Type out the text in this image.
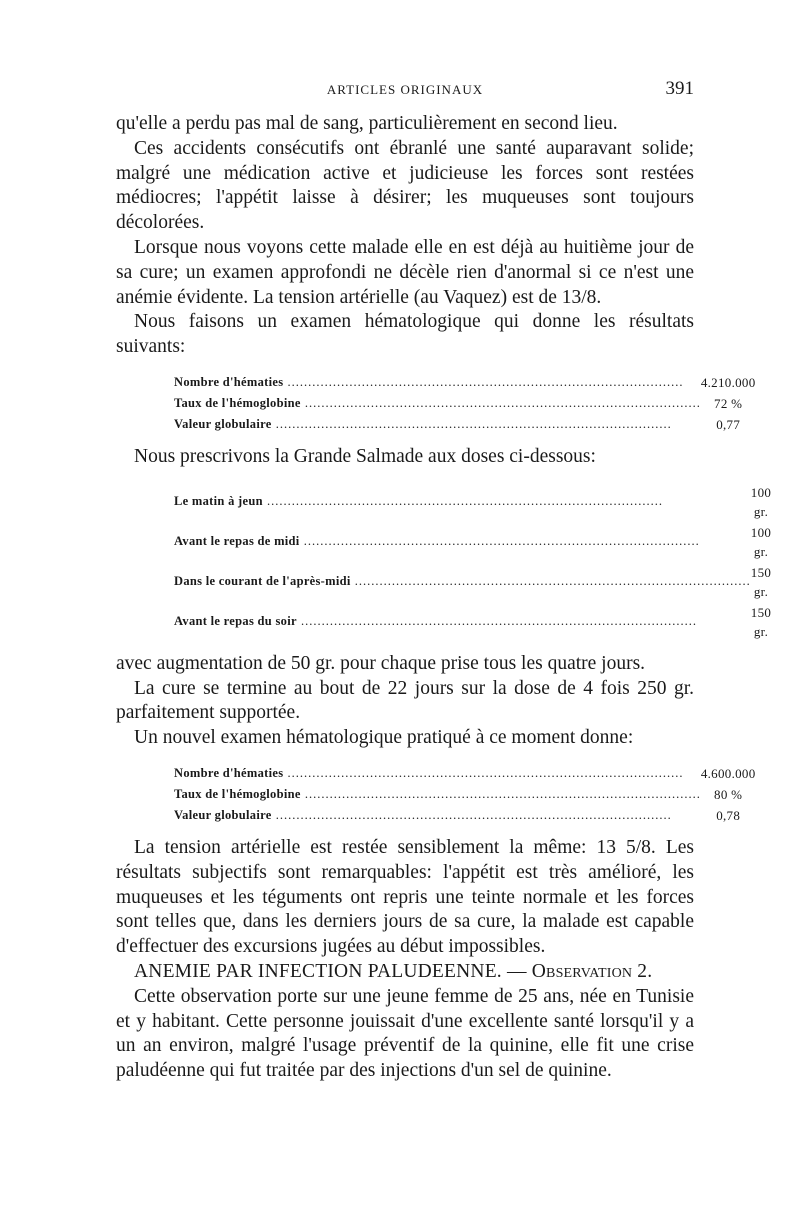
ARTICLES ORIGINAUX	391

qu'elle a perdu pas mal de sang, particulièrement en second lieu.

Ces accidents consécutifs ont ébranlé une santé auparavant solide; malgré une médication active et judicieuse les forces sont restées médiocres; l'appétit laisse à désirer; les muqueuses sont toujours décolorées.

Lorsque nous voyons cette malade elle en est déjà au huitième jour de sa cure; un examen approfondi ne décèle rien d'anormal si ce n'est une anémie évidente. La tension artérielle (au Vaquez) est de 13/8.

Nous faisons un examen hématologique qui donne les résultats suivants:

Nombre d'hématies .....	4.210.000
Taux de l'hémoglobine .....	72 %
Valeur globulaire .....	0,77

Nous prescrivons la Grande Salmade aux doses ci-dessous:

Le matin à jeun .....	100 gr.
Avant le repas de midi .....	100 gr.
Dans le courant de l'après-midi .....	150 gr.
Avant le repas du soir .....	150 gr.

avec augmentation de 50 gr. pour chaque prise tous les quatre jours.

La cure se termine au bout de 22 jours sur la dose de 4 fois 250 gr. parfaitement supportée.

Un nouvel examen hématologique pratiqué à ce moment donne:

Nombre d'hématies .....	4.600.000
Taux de l'hémoglobine .....	80 %
Valeur globulaire .....	0,78

La tension artérielle est restée sensiblement la même: 13 5/8. Les résultats subjectifs sont remarquables: l'appétit est très amélioré, les muqueuses et les téguments ont repris une teinte normale et les forces sont telles que, dans les derniers jours de sa cure, la malade est capable d'effectuer des excursions jugées au début impossibles.

ANEMIE PAR INFECTION PALUDEENNE. — Observation 2.

Cette observation porte sur une jeune femme de 25 ans, née en Tunisie et y habitant. Cette personne jouissait d'une excellente santé lorsqu'il y a un an environ, malgré l'usage préventif de la quinine, elle fit une crise paludéenne qui fut traitée par des injections d'un sel de quinine.
